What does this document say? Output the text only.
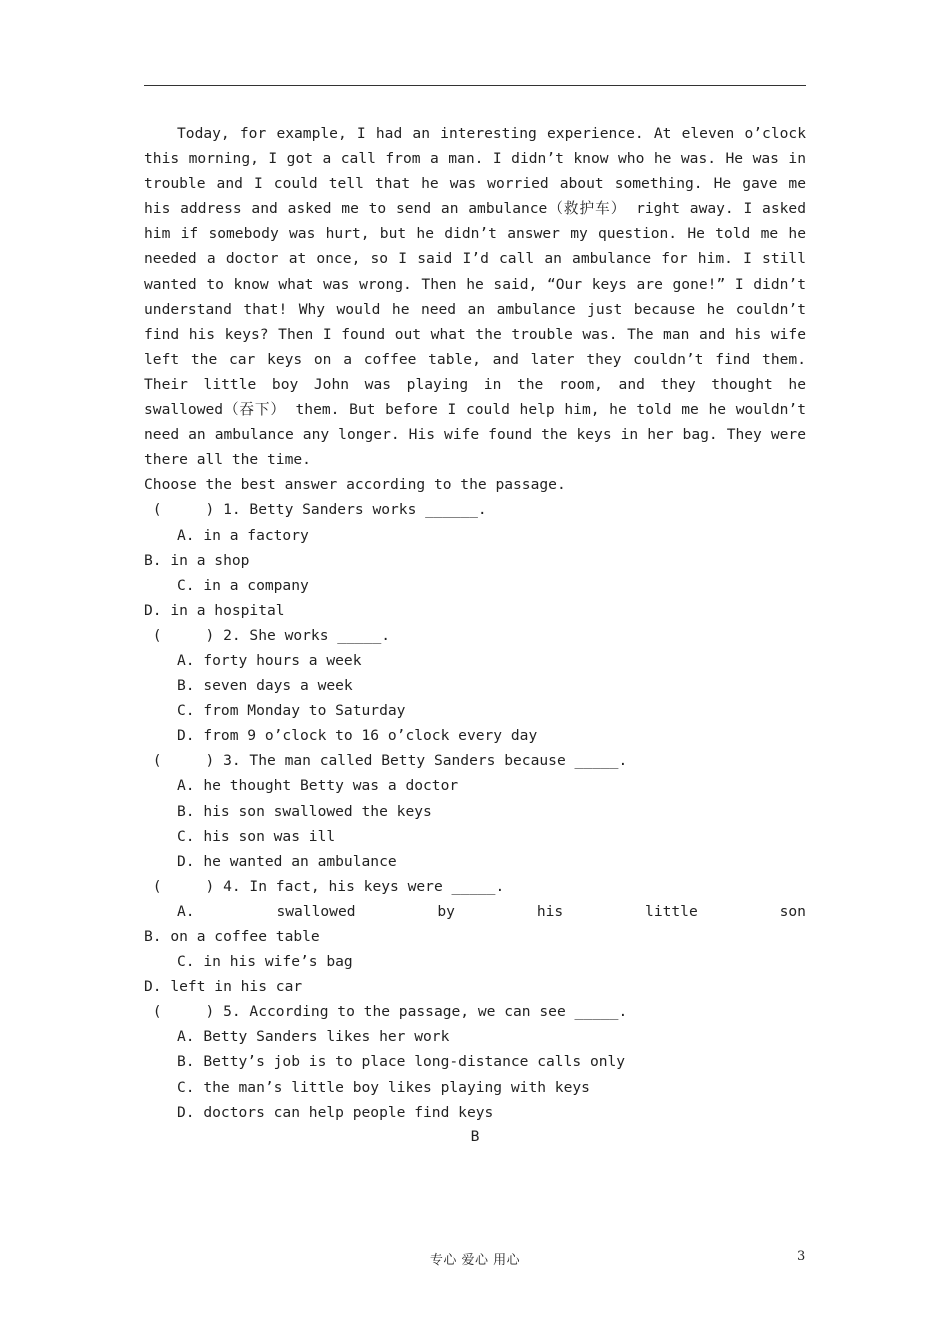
Today, for example, I had an interesting experience. At eleven o’clock this morning, I got a call from a man. I didn’t know who he was. He was in trouble and I could tell that he was worried about something. He gave me his address and asked me to send an ambulance（救护车） right away. I asked him if somebody was hurt, but he didn’t answer my question. He told me he needed a doctor at once, so I said I’d call an ambulance for him. I still wanted to know what was wrong. Then he said, “Our keys are gone!” I didn’t understand that! Why would he need an ambulance just because he couldn’t find his keys? Then I found out what the trouble was. The man and his wife left the car keys on a coffee table, and later they couldn’t find them. Their little boy John was playing in the room, and they thought he swallowed（吞下） them. But before I could help him, he told me he wouldn’t need an ambulance any longer. His wife found the keys in her bag. They were there all the time.

Choose the best answer according to the passage.

(     ) 1. Betty Sanders works ______.

A. in a factory

B. in a shop

C. in a company

D. in a hospital

(     ) 2. She works _____.

A. forty hours a week

B. seven days a week

C. from Monday to Saturday

D. from 9 o’clock to 16 o’clock every day

(     ) 3. The man called Betty Sanders because _____.

A. he thought Betty was a doctor

B. his son swallowed the keys

C. his son was ill

D. he wanted an ambulance

(     ) 4. In fact, his keys were _____.

A.	swallowed	by	his	little	son

B. on a coffee table

C. in his wife’s bag

D. left in his car

(     ) 5. According to the passage, we can see _____.

A. Betty Sanders likes her work

B. Betty’s job is to place long-distance calls only

C. the man’s little boy likes playing with keys

D. doctors can help people find keys

B
专心 爱心 用心	3
